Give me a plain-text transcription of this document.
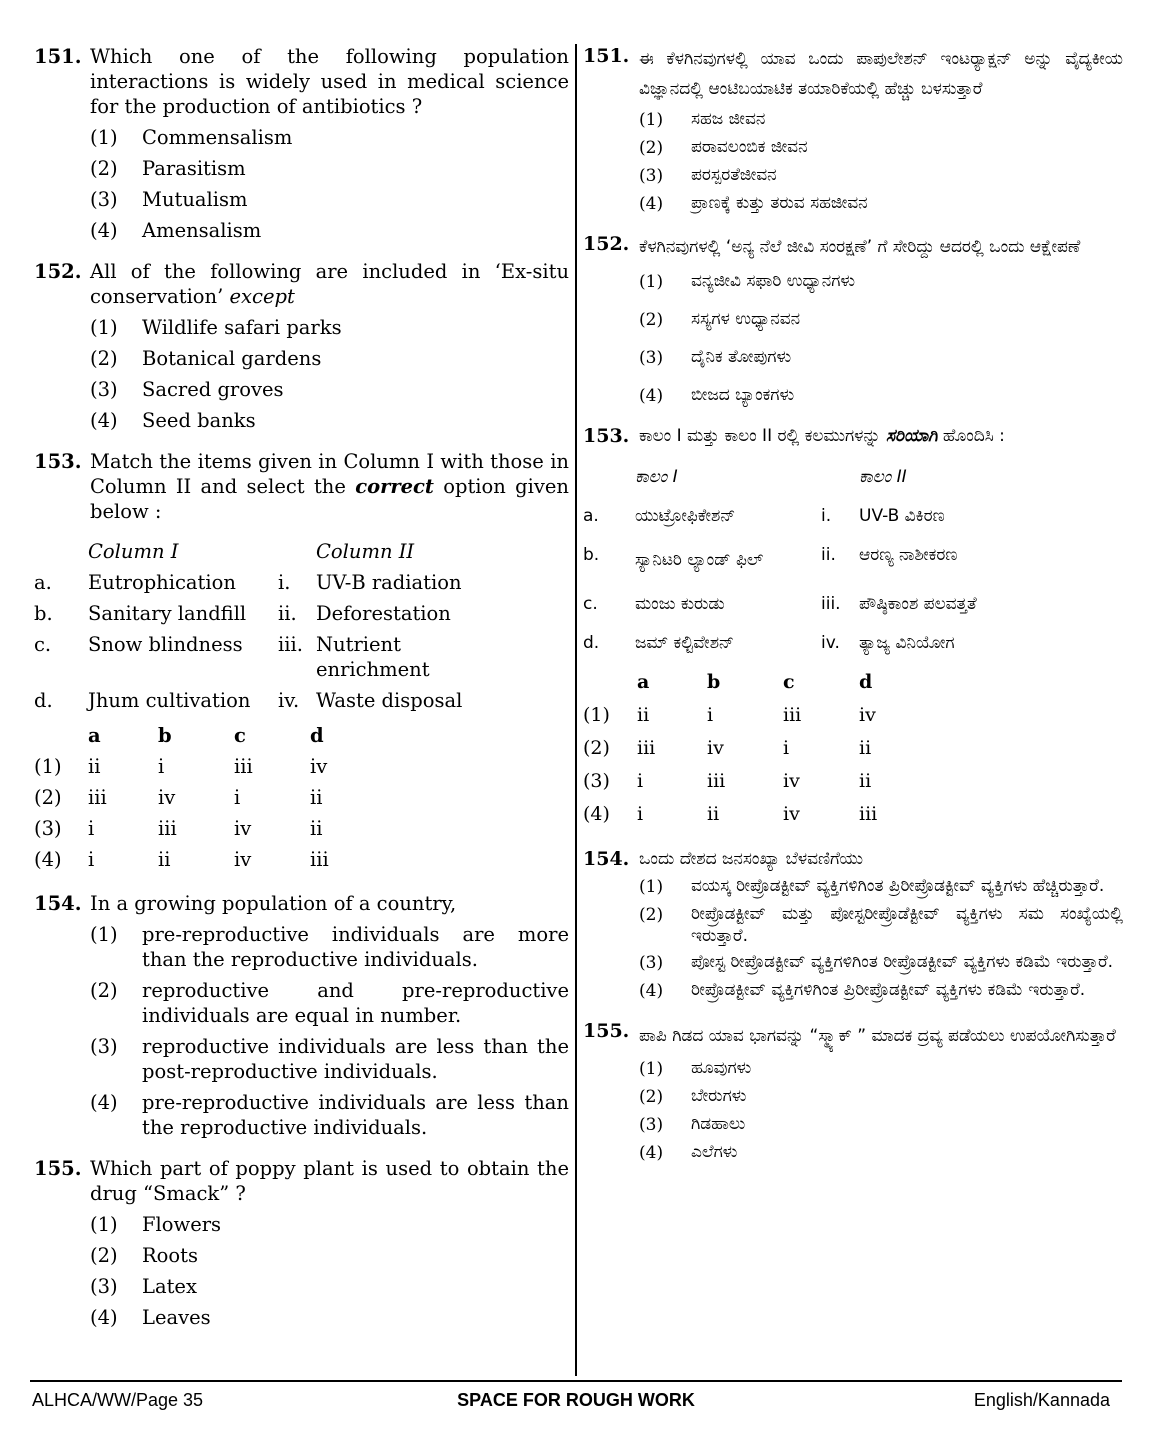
151. Which one of the following population interactions is widely used in medical science for the production of antibiotics ?
(1)	Commensalism
(2)	Parasitism
(3)	Mutualism
(4)	Amensalism
152. All of the following are included in ‘Ex-situ conservation’ except
(1)	Wildlife safari parks
(2)	Botanical gardens
(3)	Sacred groves
(4)	Seed banks
153. Match the items given in Column I with those in Column II and select the correct option given below :
	Column I		Column II
a.	Eutrophication	i.	UV-B radiation
b.	Sanitary landfill	ii.	Deforestation
c.	Snow blindness	iii.	Nutrient enrichment
d.	Jhum cultivation	iv.	Waste disposal
	a	b	c	d
(1)	ii	i	iii	iv
(2)	iii	iv	i	ii
(3)	i	iii	iv	ii
(4)	i	ii	iv	iii
154. In a growing population of a country,
(1)	pre-reproductive individuals are more than the reproductive individuals.
(2)	reproductive and pre-reproductive individuals are equal in number.
(3)	reproductive individuals are less than the post-reproductive individuals.
(4)	pre-reproductive individuals are less than the reproductive individuals.
155. Which part of poppy plant is used to obtain the drug “Smack” ?
(1)	Flowers
(2)	Roots
(3)	Latex
(4)	Leaves
151. ಈ ಕೆಳಗಿನವುಗಳಲ್ಲಿ ಯಾವ ಒಂದು ಪಾಪುಲೇಶನ್ ಇಂಟರ್‍ಯಾಕ್ಷನ್ ಅನ್ನು ವೈದ್ಯಕೀಯ ವಿಜ್ಞಾನದಲ್ಲಿ ಆಂಟಿಬಯಾಟಿಕ ತಯಾರಿಕೆಯಲ್ಲಿ ಹೆಚ್ಚು ಬಳಸುತ್ತಾರೆ
(1)	ಸಹಜ ಜೀವನ
(2)	ಪರಾವಲಂಬಿಕ ಜೀವನ
(3)	ಪರಸ್ಪರತೆಜೀವನ
(4)	ಪ್ರಾಣಕ್ಕೆ ಕುತ್ತು ತರುವ ಸಹಜೀವನ
152. ಕೆಳಗಿನವುಗಳಲ್ಲಿ ‘ಅನ್ಯ ನೆಲೆ ಜೀವಿ ಸಂರಕ್ಷಣೆ’ ಗೆ ಸೇರಿದ್ದು ಆದರಲ್ಲಿ ಒಂದು ಆಕ್ಷೇಪಣೆ
(1)	ವನ್ಯಜೀವಿ ಸಫಾರಿ ಉಧ್ಯಾನಗಳು
(2)	ಸಸ್ಯಗಳ ಉಧ್ಯಾನವನ
(3)	ದೈನಿಕ ತೋಪುಗಳು
(4)	ಬೀಜದ ಬ್ಯಾಂಕಗಳು
153. ಕಾಲಂ I ಮತ್ತು ಕಾಲಂ II ರಲ್ಲಿ ಕಲಮುಗಳನ್ನು ಸರಿಯಾಗಿ ಹೊಂದಿಸಿ :
	ಕಾಲಂ I		ಕಾಲಂ II
a.	ಯುಟ್ರೋಫಿಕೇಶನ್	i.	UV-B ವಿಕಿರಣ
b.	ಸ್ಯಾನಿಟರಿ ಲ್ಯಾಂಡ್ ಫಿಲ್	ii.	ಆರಣ್ಯ ನಾಶೀಕರಣ
c.	ಮಂಜು ಕುರುಡು	iii.	ಪೌಷ್ಠಿಕಾಂಶ ಪಲವತ್ತತೆ
d.	ಜಮ್ ಕಲ್ಟಿವೇಶನ್	iv.	ತ್ಯಾಜ್ಯ ವಿನಿಯೋಗ
	a	b	c	d
(1)	ii	i	iii	iv
(2)	iii	iv	i	ii
(3)	i	iii	iv	ii
(4)	i	ii	iv	iii
154. ಒಂದು ದೇಶದ ಜನಸಂಖ್ಯಾ ಬೆಳವಣಿಗೆಯು
(1)	ವಯಸ್ಕ ರೀಪ್ರೊಡಕ್ಟೀವ್ ವ್ಯಕ್ತಿಗಳಿಗಿಂತ ಪ್ರಿರೀಪ್ರೊಡಕ್ಟೀವ್ ವ್ಯಕ್ತಿಗಳು ಹೆಚ್ಚಿರುತ್ತಾರೆ.
(2)	ರೀಪ್ರೊಡಕ್ಟೀವ್ ಮತ್ತು ಪೋಸ್ಟರೀಪ್ರೊಡೆಕ್ಟೀವ್ ವ್ಯಕ್ತಿಗಳು ಸಮ ಸಂಖ್ಯೆಯಲ್ಲಿ ಇರುತ್ತಾರೆ.
(3)	ಪೋಸ್ಟ ರೀಪ್ರೊಡಕ್ಟೀವ್ ವ್ಯಕ್ತಿಗಳಿಗಿಂತ ರೀಪ್ರೊಡಕ್ಟೀವ್ ವ್ಯಕ್ತಿಗಳು ಕಡಿಮೆ ಇರುತ್ತಾರೆ.
(4)	ರೀಪ್ರೊಡಕ್ಟೀವ್ ವ್ಯಕ್ತಿಗಳಿಗಿಂತ ಪ್ರಿರೀಪ್ರೊಡಕ್ಟೀವ್ ವ್ಯಕ್ತಿಗಳು ಕಡಿಮೆ ಇರುತ್ತಾರೆ.
155. ಪಾಪಿ ಗಿಡದ ಯಾವ ಭಾಗವನ್ನು “ಸ್ಮ್ಯಾಕ್ ” ಮಾದಕ ದ್ರವ್ಯ ಪಡೆಯಲು ಉಪಯೋಗಿಸುತ್ತಾರೆ
(1)	ಹೂವುಗಳು
(2)	ಬೇರುಗಳು
(3)	ಗಿಡಹಾಲು
(4)	ಎಲೆಗಳು
ALHCA/WW/Page 35	SPACE FOR ROUGH WORK	English/Kannada
